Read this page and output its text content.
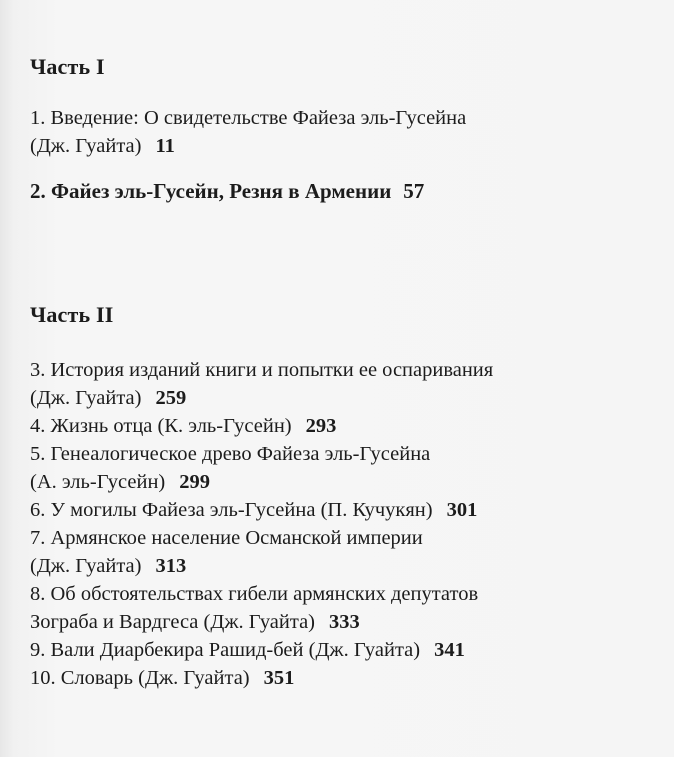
Часть I
1. Введение: О свидетельстве Файеза эль-Гусейна
(Дж. Гуайта) 11
2. Файез эль-Гусейн, Резня в Армении 57
Часть II
3. История изданий книги и попытки ее оспаривания
(Дж. Гуайта) 259
4. Жизнь отца (К. эль-Гусейн) 293
5. Генеалогическое древо Файеза эль-Гусейна
(А. эль-Гусейн) 299
6. У могилы Файеза эль-Гусейна (П. Кучукян) 301
7. Армянское население Османской империи
(Дж. Гуайта) 313
8. Об обстоятельствах гибели армянских депутатов
Зограба и Вардгеса (Дж. Гуайта) 333
9. Вали Диарбекира Рашид-бей (Дж. Гуайта) 341
10. Словарь (Дж. Гуайта) 351
